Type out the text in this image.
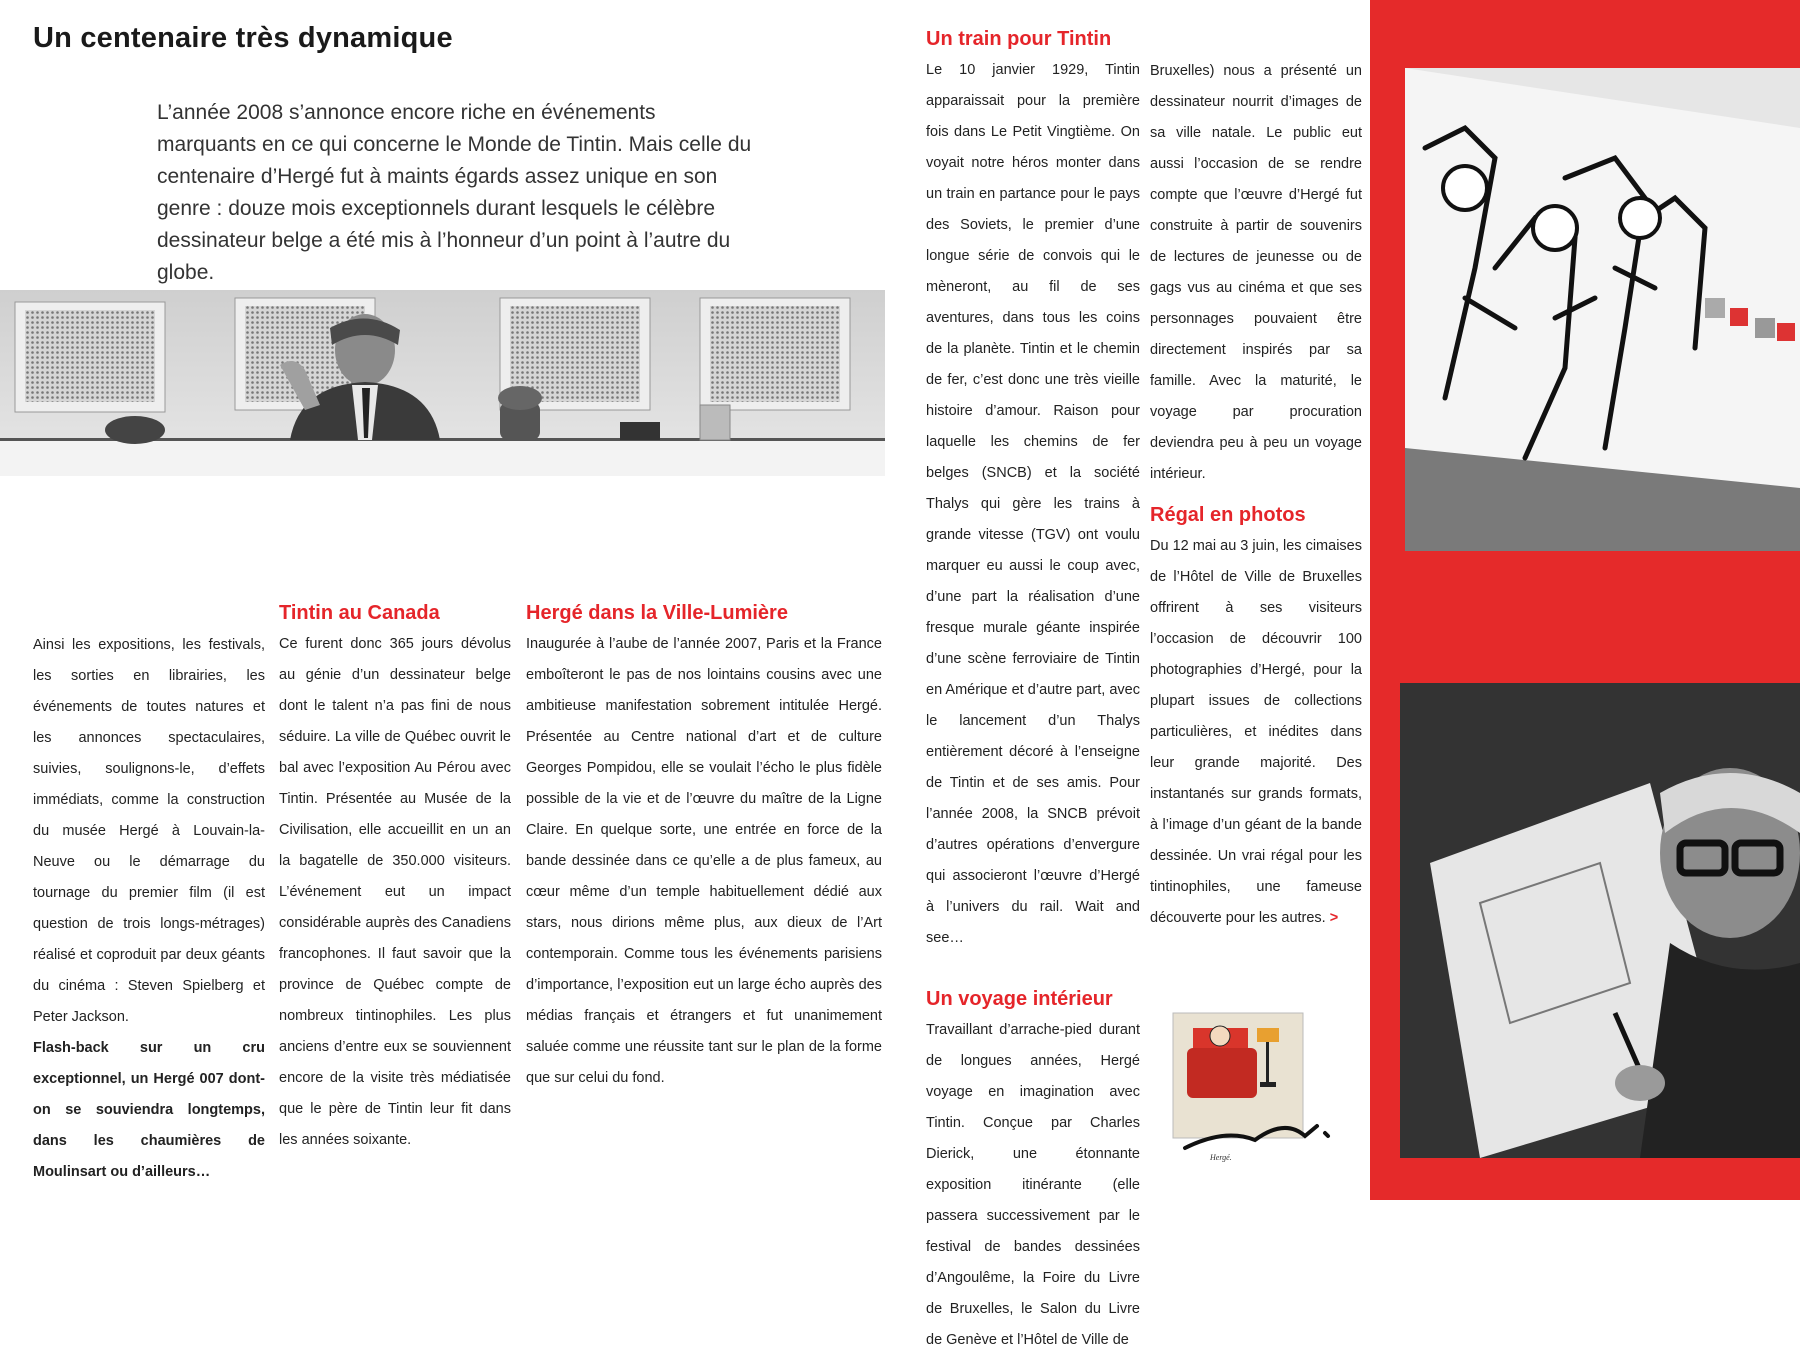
Un centenaire très dynamique

L’année 2008 s’annonce encore riche en événements marquants en ce qui concerne le Monde de Tintin. Mais celle du centenaire d’Hergé fut à maints égards assez unique en son genre : douze mois exceptionnels durant lesquels le célèbre dessinateur belge a été mis à l’honneur d’un point à l’autre du globe.

Ainsi les expositions, les festivals, les sorties en librairies, les événements de toutes natures et les annonces spectaculaires, suivies, soulignons-le, d’effets immédiats, comme la construction du musée Hergé à Louvain-la-Neuve ou le démarrage du tournage du premier film (il est question de trois longs-métrages) réalisé et coproduit par deux géants du cinéma : Steven Spielberg et Peter Jackson.

Flash-back sur un cru exceptionnel, un Hergé 007 dont-on se souviendra longtemps, dans les chaumières de Moulinsart ou d’ailleurs…

Tintin au Canada

Ce furent donc 365 jours dévolus au génie d’un dessinateur belge dont le talent n’a pas fini de nous séduire. La ville de Québec ouvrit le bal avec l’exposition Au Pérou avec Tintin. Présentée au Musée de la Civilisation, elle accueillit en un an la bagatelle de 350.000 visiteurs. L’événement eut un impact considérable auprès des Canadiens francophones. Il faut savoir que la province de Québec compte de nombreux tintinophiles. Les plus anciens d’entre eux se souviennent encore de la visite très médiatisée que le père de Tintin leur fit dans les années soixante.

Hergé dans la Ville-Lumière

Inaugurée à l’aube de l’année 2007, Paris et la France emboîteront le pas de nos lointains cousins avec une ambitieuse manifestation sobrement intitulée Hergé. Présentée au Centre national d’art et de culture Georges Pompidou, elle se voulait l’écho le plus fidèle possible de la vie et de l’œuvre du maître de la Ligne Claire. En quelque sorte, une entrée en force de la bande dessinée dans ce qu’elle a de plus fameux, au cœur même d’un temple habituellement dédié aux stars, nous dirions même plus, aux dieux de l’Art contemporain. Comme tous les événements parisiens d’importance, l’exposition eut un large écho auprès des médias français et étrangers et fut unanimement saluée comme une réussite tant sur le plan de la forme que sur celui du fond.

Un train pour Tintin

Le 10 janvier 1929, Tintin apparaissait pour la première fois dans Le Petit Vingtième. On voyait notre héros monter dans un train en partance pour le pays des Soviets, le premier d’une longue série de convois qui le mèneront, au fil de ses aventures, dans tous les coins de la planète. Tintin et le chemin de fer, c’est donc une très vieille histoire d’amour. Raison pour laquelle les chemins de fer belges (SNCB) et la société Thalys qui gère les trains à grande vitesse (TGV) ont voulu marquer eu aussi le coup avec, d’une part la réalisation d’une fresque murale géante inspirée d’une scène ferroviaire de Tintin en Amérique et d’autre part, avec le lancement d’un Thalys entièrement décoré à l’enseigne de Tintin et de ses amis. Pour l’année 2008, la SNCB prévoit d’autres opérations d’envergure qui associeront l’œuvre d’Hergé à l’univers du rail. Wait and see…

Un voyage intérieur

Travaillant d’arrache-pied durant de longues années, Hergé voyage en imagination avec Tintin. Conçue par Charles Dierick, une étonnante exposition itinérante (elle passera successivement par le festival de bandes dessinées d’Angoulême, la Foire du Livre de Bruxelles, le Salon du Livre de Genève et l’Hôtel de Ville de

Bruxelles) nous a présenté un dessinateur nourrit d’images de sa ville natale. Le public eut aussi l’occasion de se rendre compte que l’œuvre d’Hergé fut construite à partir de souvenirs de lectures de jeunesse ou de gags vus au cinéma et que ses personnages pouvaient être directement inspirés par sa famille. Avec la maturité, le voyage par procuration deviendra peu à peu un voyage intérieur.

Régal en photos

Du 12 mai au 3 juin, les cimaises de l’Hôtel de Ville de Bruxelles offrirent à ses visiteurs l’occasion de découvrir 100 photographies d’Hergé, pour la plupart issues de collections particulières, et inédites dans leur grande majorité. Des instantanés sur grands formats, à l’image d’un géant de la bande dessinée. Un vrai régal pour les tintinophiles, une fameuse découverte pour les autres. >

Hergé.
